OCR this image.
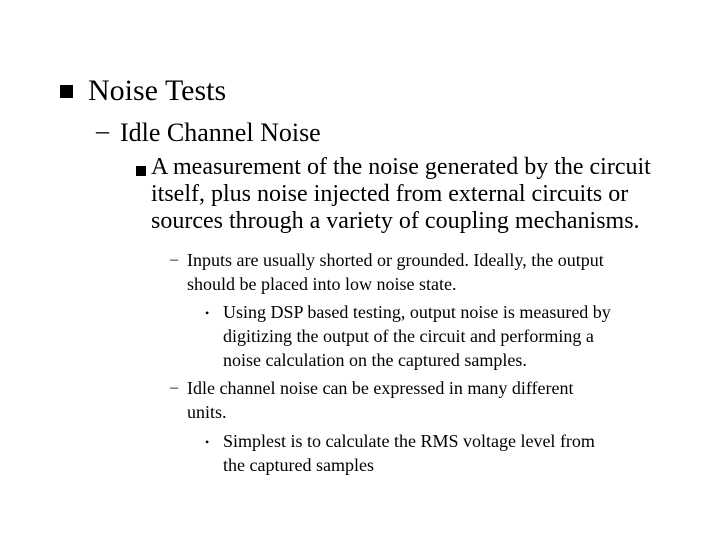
Noise Tests
– Idle Channel Noise
A measurement of the noise generated by the circuit
itself, plus noise injected from external circuits or
sources through a variety of coupling mechanisms.
– Inputs are usually shorted or grounded. Ideally, the output
should be placed into low noise state.
• Using DSP based testing, output noise is measured by
digitizing the output of the circuit and performing a
noise calculation on the captured samples.
– Idle channel noise can be expressed in many different
units.
• Simplest is to calculate the RMS voltage level from
the captured samples
